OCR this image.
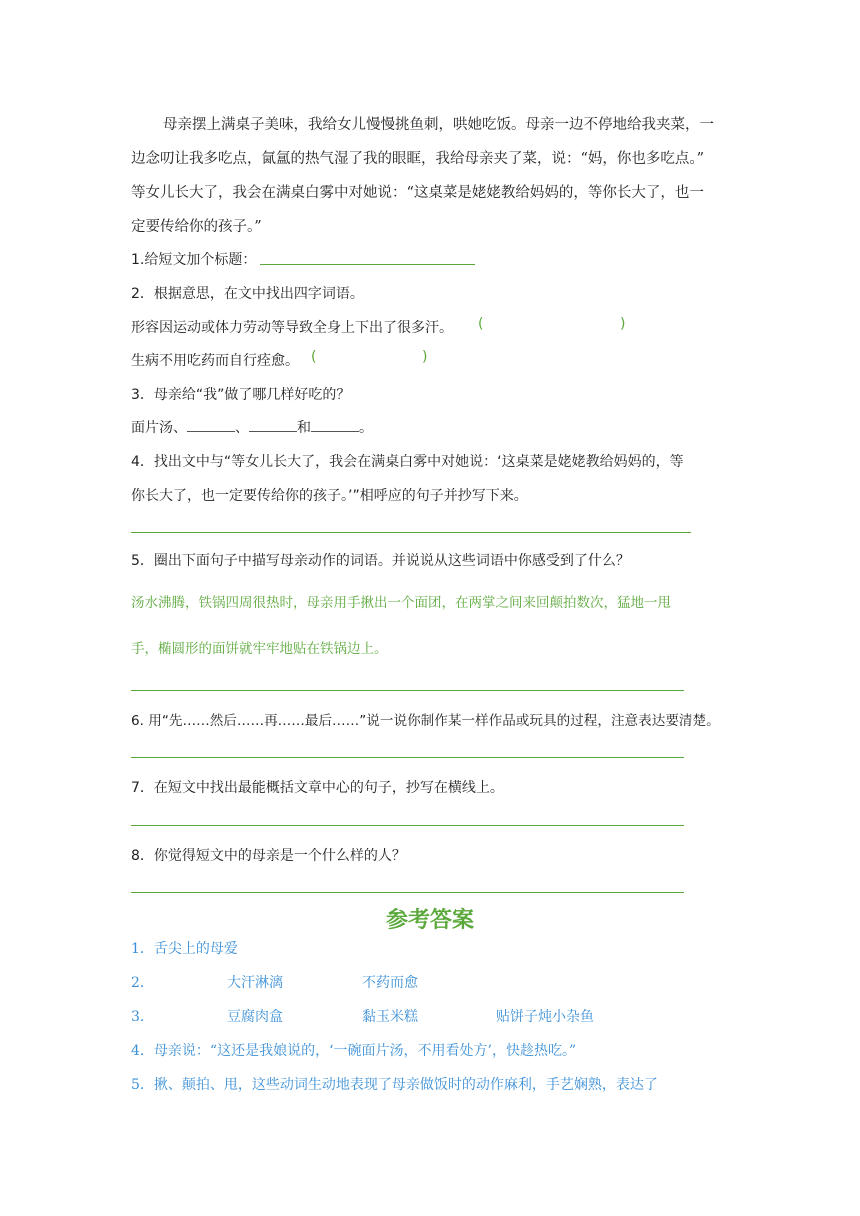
母亲摆上满桌子美味，我给女儿慢慢挑鱼刺，哄她吃饭。母亲一边不停地给我夹菜，一
边念叨让我多吃点，氤氲的热气湿了我的眼眶，我给母亲夹了菜，说：“妈，你也多吃点。”
等女儿长大了，我会在满桌白雾中对她说：“这桌菜是姥姥教给妈妈的，等你长大了，也一
定要传给你的孩子。”
1.给短文加个标题：
2．根据意思，在文中找出四字词语。
形容因运动或体力劳动等导致全身上下出了很多汗。 (	)
生病不用吃药而自行痊愈。 (	)
3．母亲给“我”做了哪几样好吃的？
面片汤、	、	和	。
4．找出文中与“等女儿长大了，我会在满桌白雾中对她说：‘这桌菜是姥姥教给妈妈的，等
你长大了，也一定要传给你的孩子。’”相呼应的句子并抄写下来。
5．圈出下面句子中描写母亲动作的词语。并说说从这些词语中你感受到了什么？
汤水沸腾，铁锅四周很热时，母亲用手揪出一个面团，在两掌之间来回颠拍数次，猛地一甩
手，椭圆形的面饼就牢牢地贴在铁锅边上。
6. 用“先……然后……再……最后……”说一说你制作某一样作品或玩具的过程，注意表达要清楚。
7．在短文中找出最能概括文章中心的句子，抄写在横线上。
8．你觉得短文中的母亲是一个什么样的人？
参考答案
1．舌尖上的母爱
2．	大汗淋漓	不药而愈
3．	豆腐肉盒	黏玉米糕	贴饼子炖小杂鱼
4．母亲说：“这还是我娘说的，‘一碗面片汤，不用看处方’，快趁热吃。”
5．揪、颠拍、甩，这些动词生动地表现了母亲做饭时的动作麻利，手艺娴熟，表达了
